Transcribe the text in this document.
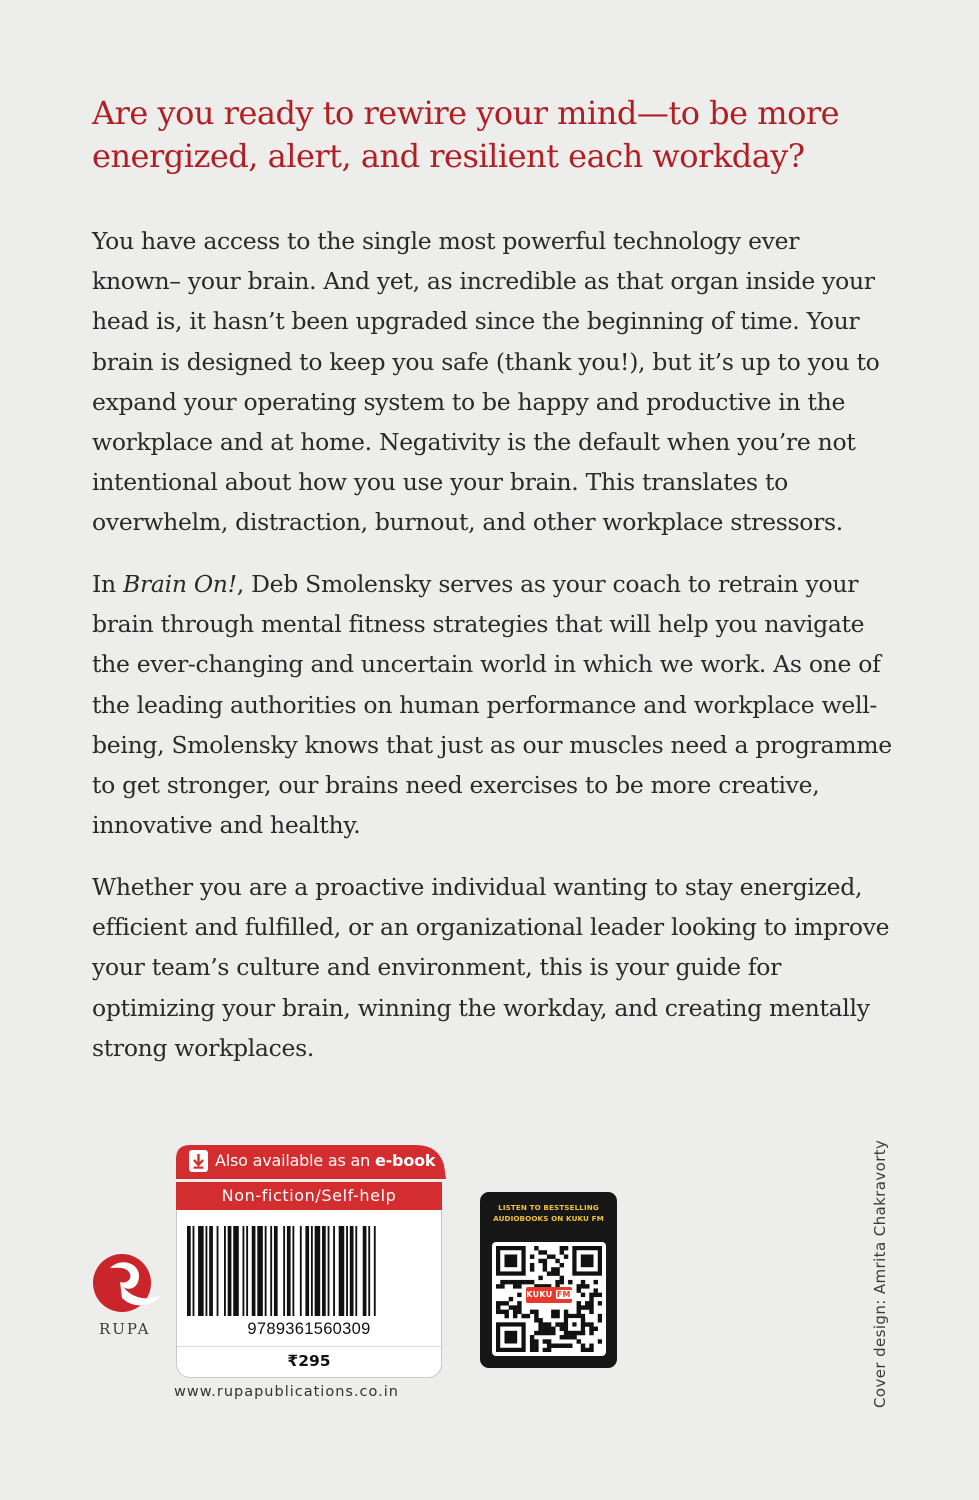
Are you ready to rewire your mind—to be more energized, alert, and resilient each workday?

You have access to the single most powerful technology ever known– your brain. And yet, as incredible as that organ inside your head is, it hasn’t been upgraded since the beginning of time. Your brain is designed to keep you safe (thank you!), but it’s up to you to expand your operating system to be happy and productive in the workplace and at home. Negativity is the default when you’re not intentional about how you use your brain. This translates to overwhelm, distraction, burnout, and other workplace stressors.

In Brain On!, Deb Smolensky serves as your coach to retrain your brain through mental fitness strategies that will help you navigate the ever-changing and uncertain world in which we work. As one of the leading authorities on human performance and workplace well-being, Smolensky knows that just as our muscles need a programme to get stronger, our brains need exercises to be more creative, innovative and healthy.

Whether you are a proactive individual wanting to stay energized, efficient and fulfilled, or an organizational leader looking to improve your team’s culture and environment, this is your guide for optimizing your brain, winning the workday, and creating mentally strong workplaces.

RUPA
Also available as an e-book
Non-fiction/Self-help
9789361560309
₹295
www.rupapublications.co.in
LISTEN TO BESTSELLING AUDIOBOOKS ON KUKU FM
KUKU FM	Cover design: Amrita Chakravorty
